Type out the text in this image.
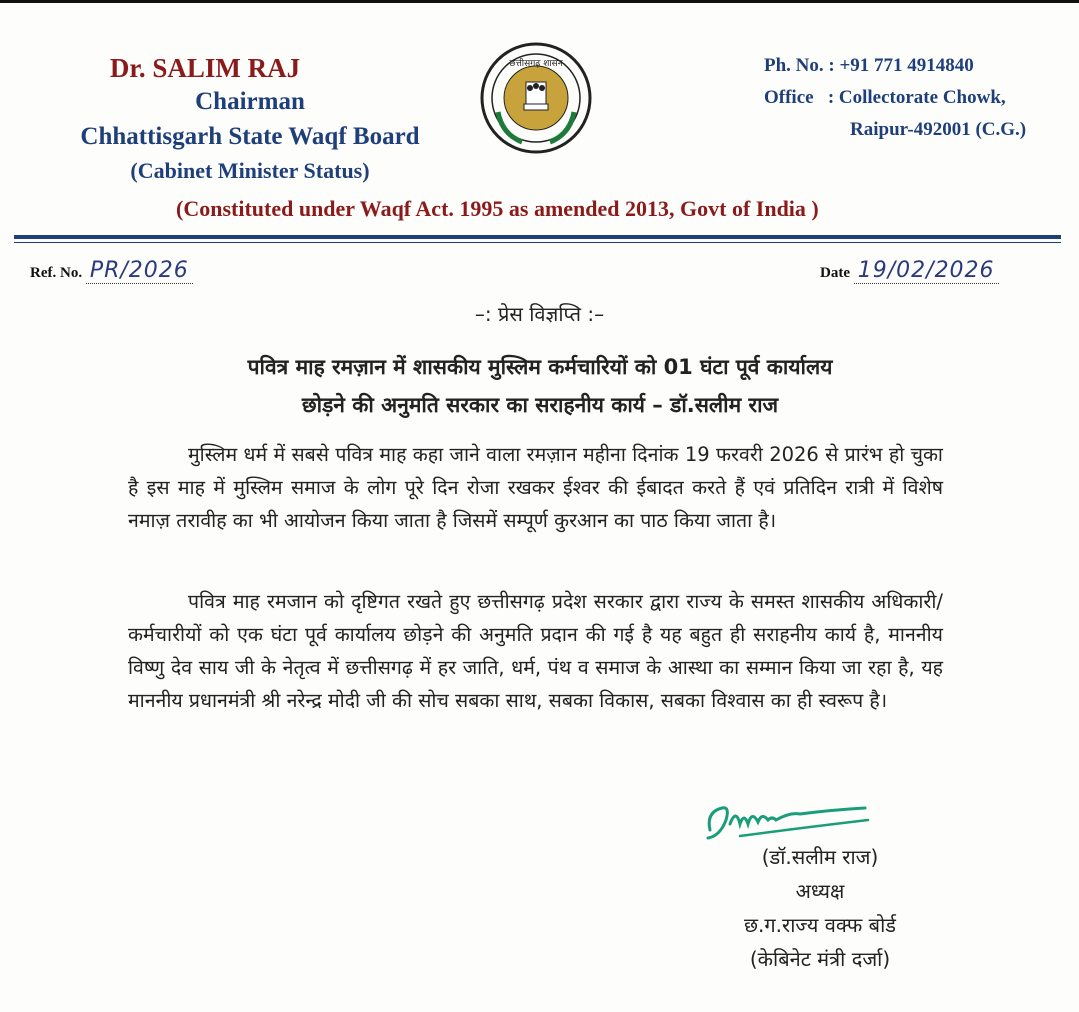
Dr. SALIM RAJ
Chairman
Chhattisgarh State Waqf Board
(Cabinet Minister Status)
छत्तीसगढ़ शासन	Ph. No. : +91 771 4914840
Office : Collectorate Chowk,
Raipur-492001 (C.G.)
(Constituted under Waqf Act. 1995 as amended 2013, Govt of India )
Ref. No. PR/2026	Date 19/02/2026
–: प्रेस विज्ञप्ति :–
पवित्र माह रमज़ान में शासकीय मुस्लिम कर्मचारियों को 01 घंटा पूर्व कार्यालय
छोड़ने की अनुमति सरकार का सराहनीय कार्य – डॉ.सलीम राज
मुस्लिम धर्म में सबसे पवित्र माह कहा जाने वाला रमज़ान महीना दिनांक 19 फरवरी 2026 से प्रारंभ हो चुका है इस माह में मुस्लिम समाज के लोग पूरे दिन रोजा रखकर ईश्वर की ईबादत करते हैं एवं प्रतिदिन रात्री में विशेष नमाज़ तरावीह का भी आयोजन किया जाता है जिसमें सम्पूर्ण कुरआन का पाठ किया जाता है।
पवित्र माह रमजान को दृष्टिगत रखते हुए छत्तीसगढ़ प्रदेश सरकार द्वारा राज्य के समस्त शासकीय अधिकारी/कर्मचारीयों को एक घंटा पूर्व कार्यालय छोड़ने की अनुमति प्रदान की गई है यह बहुत ही सराहनीय कार्य है, माननीय विष्णु देव साय जी के नेतृत्व में छत्तीसगढ़ में हर जाति, धर्म, पंथ व समाज के आस्था का सम्मान किया जा रहा है, यह माननीय प्रधानमंत्री श्री नरेन्द्र मोदी जी की सोच सबका साथ, सबका विकास, सबका विश्वास का ही स्वरूप है।
(डॉ.सलीम राज)
अध्यक्ष
छ.ग.राज्य वक्फ बोर्ड
(केबिनेट मंत्री दर्जा)
